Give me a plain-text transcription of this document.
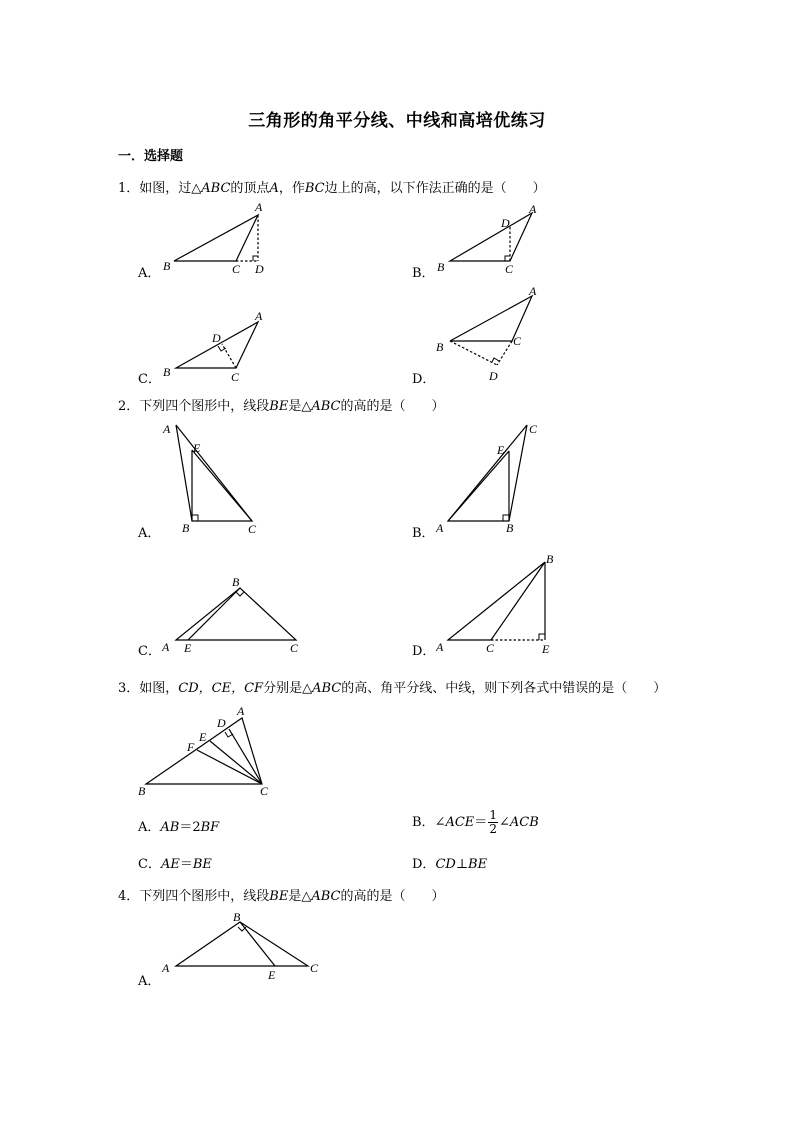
三角形的角平分线、中线和高培优练习
一．选择题
1．如图，过△ABC的顶点A，作BC边上的高，以下作法正确的是（　　）
A．
A
B	C D	B．
A
D
B	C
C．
A
D
B	C	D．
A
B	C
D
2．下列四个图形中，线段BE是△ABC的高的是（　　）
A．
A
E
B	C	B．
C
E
A	B
C．
B
A E	C	D．
B
A	C	E
3．如图，CD，CE，CF分别是△ABC的高、角平分线、中线，则下列各式中错误的是（　　）
A
D
E
F
B	C
A．AB＝2BF	B．∠ACE＝ $\frac{1}{2}$ ∠ACB
C．AE＝BE	D．CD⊥BE
4．下列四个图形中，线段BE是△ABC的高的是（　　）
A．
B
A	E	C
